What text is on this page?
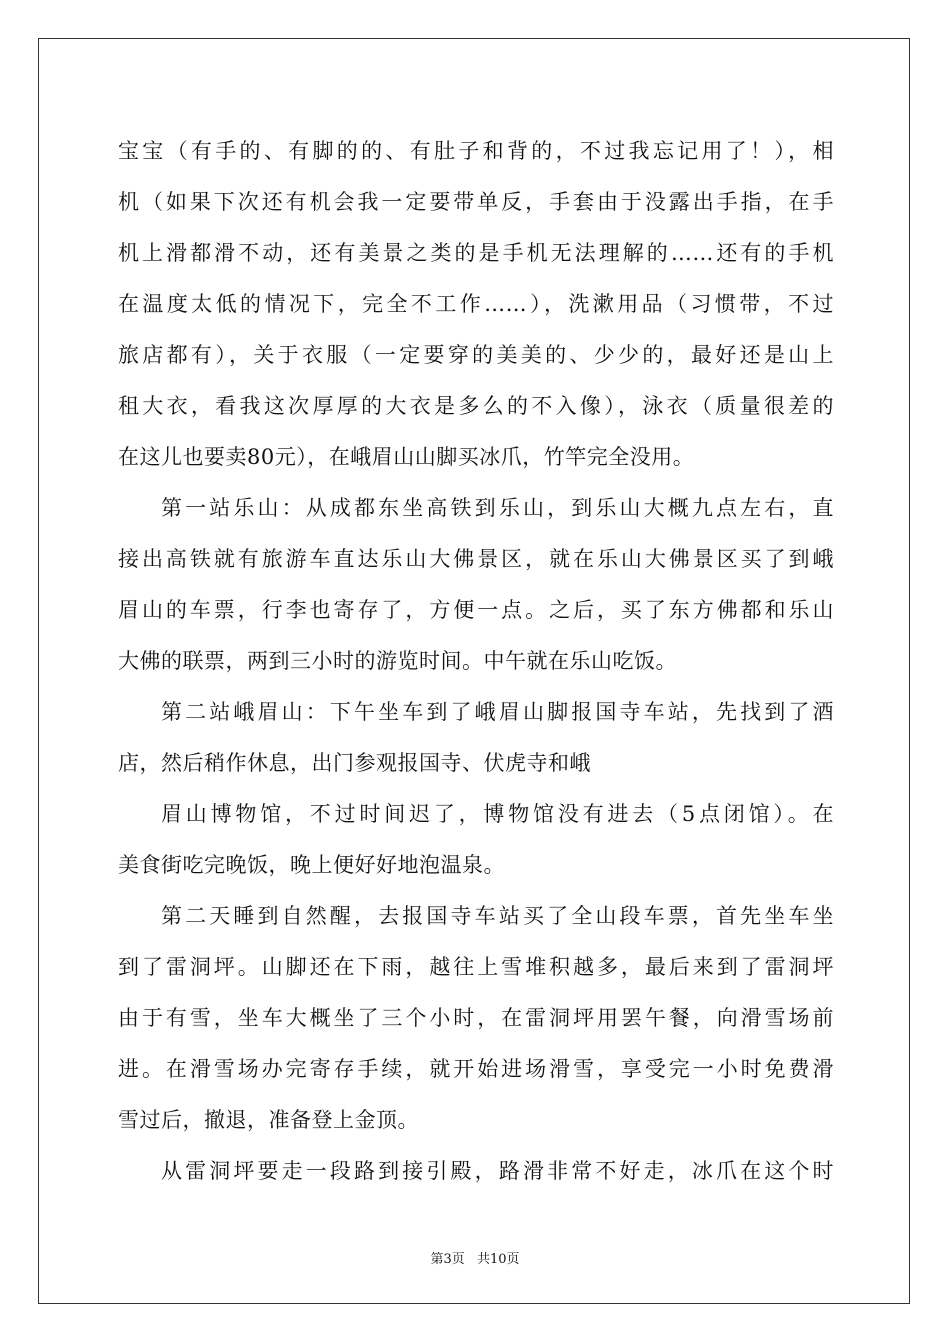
宝宝（有手的、有脚的的、有肚子和背的，不过我忘记用了！），相
机（如果下次还有机会我一定要带单反，手套由于没露出手指，在手
机上滑都滑不动，还有美景之类的是手机无法理解的……还有的手机
在温度太低的情况下，完全不工作……），洗漱用品（习惯带，不过
旅店都有），关于衣服（一定要穿的美美的、少少的，最好还是山上
租大衣，看我这次厚厚的大衣是多么的不入像），泳衣（质量很差的
在这儿也要卖80元），在峨眉山山脚买冰爪，竹竿完全没用。
第一站乐山：从成都东坐高铁到乐山，到乐山大概九点左右，直
接出高铁就有旅游车直达乐山大佛景区，就在乐山大佛景区买了到峨
眉山的车票，行李也寄存了，方便一点。之后，买了东方佛都和乐山
大佛的联票，两到三小时的游览时间。中午就在乐山吃饭。
第二站峨眉山：下午坐车到了峨眉山脚报国寺车站，先找到了酒
店，然后稍作休息，出门参观报国寺、伏虎寺和峨
眉山博物馆，不过时间迟了，博物馆没有进去（5点闭馆）。在
美食街吃完晚饭，晚上便好好地泡温泉。
第二天睡到自然醒，去报国寺车站买了全山段车票，首先坐车坐
到了雷洞坪。山脚还在下雨，越往上雪堆积越多，最后来到了雷洞坪
由于有雪，坐车大概坐了三个小时，在雷洞坪用罢午餐，向滑雪场前
进。在滑雪场办完寄存手续，就开始进场滑雪，享受完一小时免费滑
雪过后，撤退，准备登上金顶。
从雷洞坪要走一段路到接引殿，路滑非常不好走，冰爪在这个时
第3页 共10页
